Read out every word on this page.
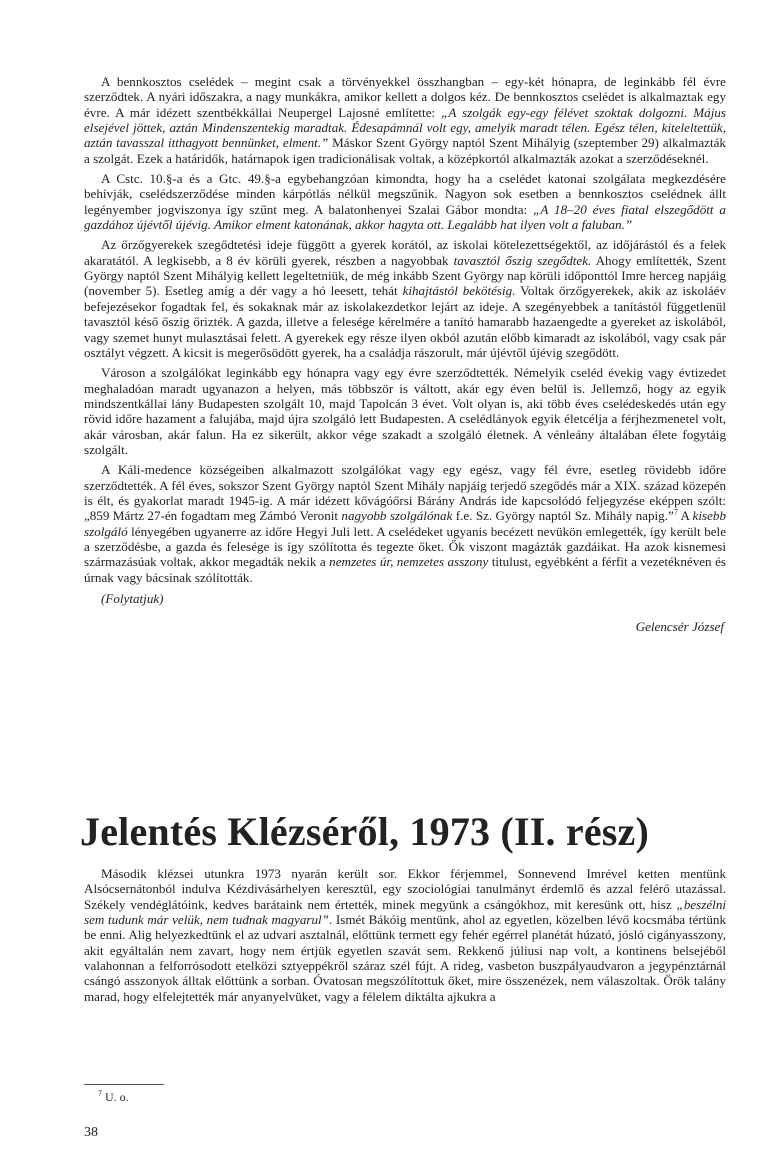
A bennkosztos cselédek – megint csak a törvényekkel összhangban – egy-két hónapra, de leginkább fél évre szerződtek. A nyári időszakra, a nagy munkákra, amikor kellett a dolgos kéz. De bennkosztos cselédet is alkalmaztak egy évre. A már idézett szentbékkállai Neupergel Lajosné említette: „A szolgák egy-egy félévet szoktak dolgozni. Május elsejével jöttek, aztán Mindenszentekig maradtak. Édesapámnál volt egy, amelyik maradt télen. Egész télen, kiteleltettük, aztán tavasszal itthagyott bennünket, elment.” Máskor Szent György naptól Szent Mihályig (szeptember 29) alkalmazták a szolgát. Ezek a határidők, határnapok igen tradicionálisak voltak, a középkortól alkalmazták azokat a szerződéseknél.

A Cstc. 10.§-a és a Gtc. 49.§-a egybehangzóan kimondta, hogy ha a cselédet katonai szolgálata megkezdésére behívják, cselédszerződése minden kárpótlás nélkül megszűnik. Nagyon sok esetben a bennkosztos cselédnek állt legényember jogviszonya így szűnt meg. A balatonhenyei Szalai Gábor mondta: „A 18–20 éves fiatal elszegődött a gazdához újévtől újévig. Amikor elment katonának, akkor hagyta ott. Legalább hat ilyen volt a faluban.”

Az őrzőgyerekek szegődtetési ideje függött a gyerek korától, az iskolai kötelezettségektől, az időjárástól és a felek akaratától. A legkisebb, a 8 év körüli gyerek, részben a nagyobbak tavasztól őszig szegődtek. Ahogy említették, Szent György naptól Szent Mihályig kellett legeltetniük, de még inkább Szent György nap körüli időponttól Imre herceg napjáig (november 5). Esetleg amíg a dér vagy a hó leesett, tehát kihajtástól bekötésig. Voltak őrzőgyerekek, akik az iskoláév befejezésekor fogadtak fel, és sokaknak már az iskolakezdetkor lejárt az ideje. A szegényebbek a tanítástól függetlenül tavasztól késő őszig őrizték. A gazda, illetve a felesége kérelmére a tanító hamarabb hazaengedte a gyereket az iskolából, vagy szemet hunyt mulasztásai felett. A gyerekek egy része ilyen okból azután előbb kimaradt az iskolából, vagy csak pár osztályt végzett. A kicsit is megerősödött gyerek, ha a családja rászorult, már újévtől újévig szegődött.

Városon a szolgálókat leginkább egy hónapra vagy egy évre szerződtették. Némelyik cseléd évekig vagy évtizedet meghaladóan maradt ugyanazon a helyen, más többször is váltott, akár egy éven belül is. Jellemző, hogy az egyik mindszentkállai lány Budapesten szolgált 10, majd Tapolcán 3 évet. Volt olyan is, aki több éves cselédeskedés után egy rövid időre hazament a falujába, majd újra szolgáló lett Budapesten. A cselédlányok egyik életcélja a férjhezmenetel volt, akár városban, akár falun. Ha ez sikerült, akkor vége szakadt a szolgáló életnek. A vénleány általában élete fogytáig szolgált.

A Káli-medence községeiben alkalmazott szolgálókat vagy egy egész, vagy fél évre, esetleg rövidebb időre szerződtették. A fél éves, sokszor Szent György naptól Szent Mihály napjáig terjedő szegődés már a XIX. század közepén is élt, és gyakorlat maradt 1945-ig. A már idézett kővágóőrsi Bárány András ide kapcsolódó feljegyzése eképpen szólt: „859 Mártz 27-én fogadtam meg Zámbó Veronit nagyobb szolgálónak f.e. Sz. György naptól Sz. Mihály napig.”$^7$ A kisebb szolgáló lényegében ugyanerre az időre Hegyi Juli lett. A cselédeket ugyanis becézett nevükön emlegették, így került bele a szerződésbe, a gazda és felesége is így szólította és tegezte őket. Ők viszont magázták gazdáikat. Ha azok kisnemesi származásúak voltak, akkor megadták nekik a nemzetes úr, nemzetes asszony titulust, egyébként a férfit a vezetéknéven és úrnak vagy bácsinak szólították.

(Folytatjuk)
Gelencsér József
Jelentés Klézséről, 1973 (II. rész)

Második klézsei utunkra 1973 nyarán került sor. Ekkor férjemmel, Sonnevend Imrével ketten mentünk Alsócsernátonból indulva Kézdivásárhelyen keresztül, egy szociológiai tanulmányt érdemlő és azzal felérő utazással. Székely vendéglátóink, kedves barátaink nem értették, minek megyünk a csángókhoz, mit keresünk ott, hisz „beszélni sem tudunk már velük, nem tudnak magyarul”. Ismét Bákóig mentünk, ahol az egyetlen, közelben lévő kocsmába tértünk be enni. Alig helyezkedtünk el az udvari asztalnál, előttünk termett egy fehér egérrel planétát húzató, jósló cigányasszony, akit egyáltalán nem zavart, hogy nem értjük egyetlen szavát sem. Rekkenő júliusi nap volt, a kontinens belsejéből valahonnan a felforrósodott etelközi sztyeppékről száraz szél fújt. A rideg, vasbeton buszpályaudvaron a jegypénztárnál csángó asszonyok álltak előttünk a sorban. Óvatosan megszólítottuk őket, mire összenézek, nem válaszoltak. Örök talány marad, hogy elfelejtették már anyanyelvüket, vagy a félelem diktálta ajkukra a

$^7$ U. o.
38
